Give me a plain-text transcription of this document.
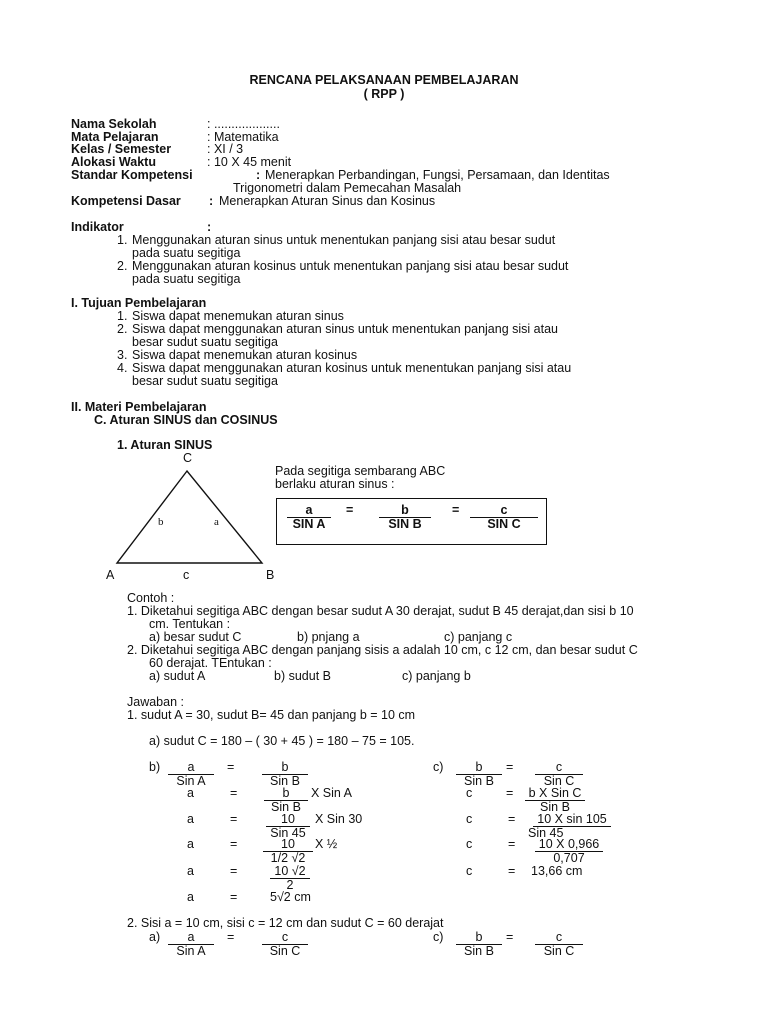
RENCANA PELAKSANAAN PEMBELAJARAN
( RPP )
Nama Sekolah	: ...................
Mata Pelajaran	: Matematika
Kelas / Semester	: XI / 3
Alokasi Waktu	: 10 X 45 menit
Standar Kompetensi	: Menerapkan Perbandingan, Fungsi, Persamaan, dan Identitas
Trigonometri dalam Pemecahan Masalah
Kompetensi Dasar : Menerapkan Aturan Sinus dan Kosinus
Indikator	:
1. Menggunakan aturan sinus untuk menentukan panjang sisi atau besar sudut
pada suatu segitiga
2. Menggunakan aturan kosinus untuk menentukan panjang sisi atau besar sudut
pada suatu segitiga
I. Tujuan Pembelajaran
1. Siswa dapat menemukan aturan sinus
2. Siswa dapat menggunakan aturan sinus untuk menentukan panjang sisi atau
besar sudut suatu segitiga
3. Siswa dapat menemukan aturan kosinus
4. Siswa dapat menggunakan aturan kosinus untuk menentukan panjang sisi atau
besar sudut suatu segitiga
II. Materi Pembelajaran
C. Aturan SINUS dan COSINUS
1. Aturan SINUS
C
A	B
b	a
c
Pada segitiga sembarang ABC
berlaku aturan sinus :
a
SIN A
=	b
SIN B
=	c
SIN C
Contoh :
1. Diketahui segitiga ABC dengan besar sudut A 30 derajat, sudut B 45 derajat,dan sisi b 10
cm. Tentukan :
a) besar sudut C	b) pnjang a	c) panjang c
2. Diketahui segitiga ABC dengan panjang sisis a adalah 10 cm, c 12 cm, dan besar sudut C
60 derajat. TEntukan :
a) sudut A	b) sudut B	c) panjang b
Jawaban :
1. sudut A = 30, sudut B= 45 dan panjang b = 10 cm
a) sudut C = 180 – ( 30 + 45 ) = 180 – 75 = 105.
b)	a
Sin A
=	b
Sin B
c)	b
Sin B
=	c
Sin C
a	=	b
Sin B
X Sin A	c	=	b X Sin C
Sin B
a	=	10
Sin 45
X Sin 30	c	=	10 X sin 105
Sin 45
a	= $\frac{10}{1/2 √2}$ X ½	c	= $\frac{10 X 0,966}{0,707}$
a	= $\frac{10 √2}{2}$	c	= 13,66 cm
a	=	5√2 cm
2. Sisi a = 10 cm, sisi c = 12 cm dan sudut C = 60 derajat
a)	a
Sin A
=	c
Sin C
c)	b
Sin B
=	c
Sin C
